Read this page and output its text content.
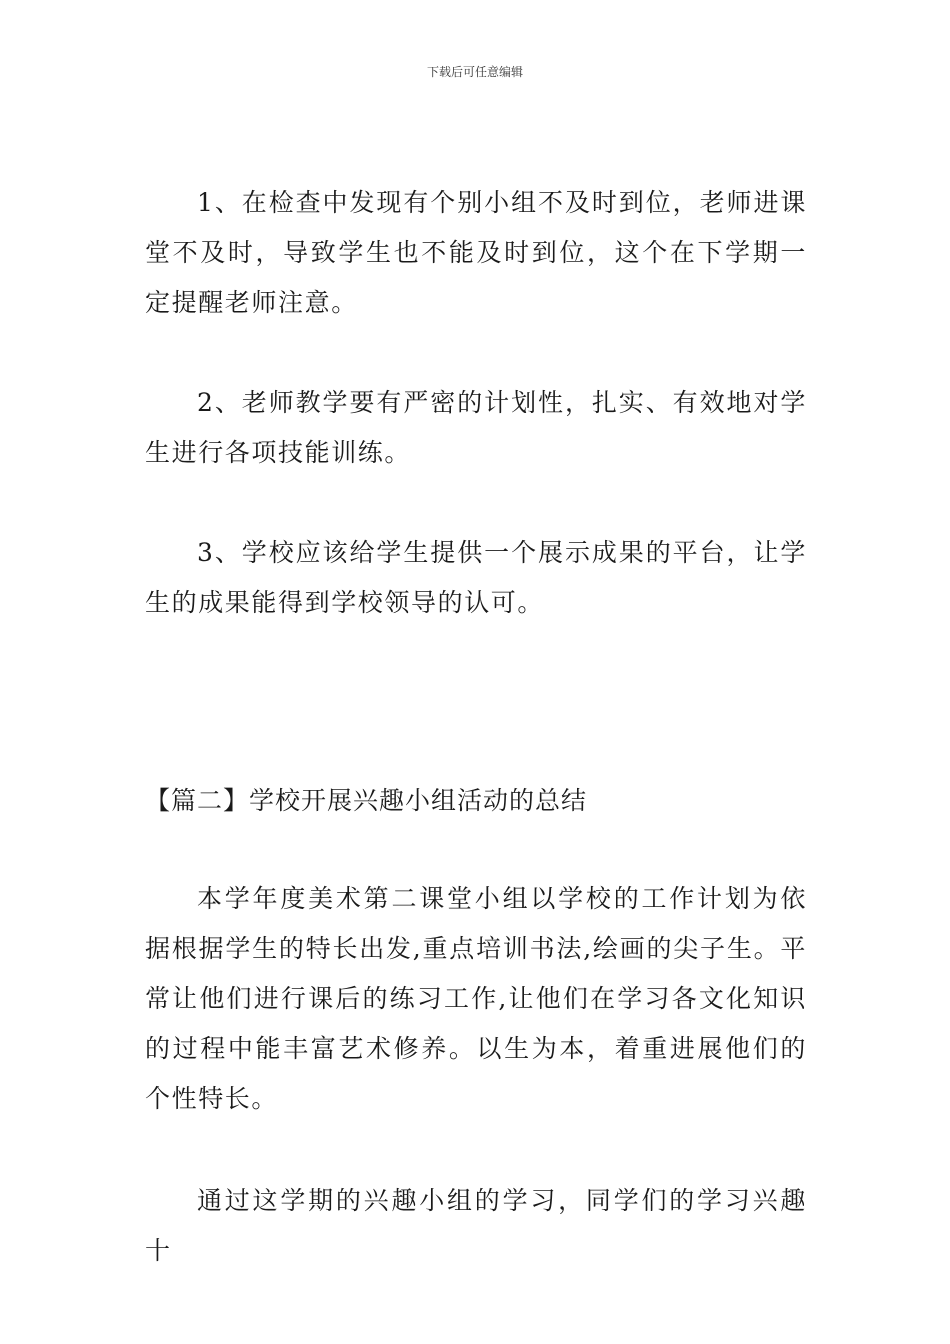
下载后可任意编辑

1、在检查中发现有个别小组不及时到位，老师进课堂不及时，导致学生也不能及时到位，这个在下学期一定提醒老师注意。

2、老师教学要有严密的计划性，扎实、有效地对学生进行各项技能训练。

3、学校应该给学生提供一个展示成果的平台，让学生的成果能得到学校领导的认可。

【篇二】学校开展兴趣小组活动的总结

本学年度美术第二课堂小组以学校的工作计划为依据根据学生的特长出发,重点培训书法,绘画的尖子生。平常让他们进行课后的练习工作,让他们在学习各文化知识的过程中能丰富艺术修养。以生为本，着重进展他们的个性特长。

通过这学期的兴趣小组的学习，同学们的学习兴趣十
